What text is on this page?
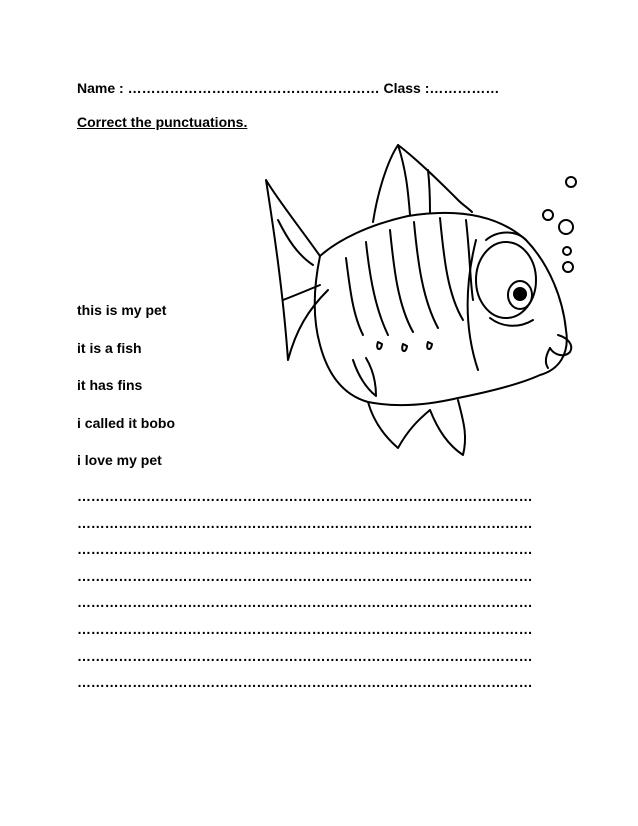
Name : ……………………………………………… Class :……………
Correct the punctuations.
this is my pet
it is a fish
it has fins
i called it bobo
i love my pet
………………………………………………………………………………………
………………………………………………………………………………………
………………………………………………………………………………………
………………………………………………………………………………………
………………………………………………………………………………………
………………………………………………………………………………………
………………………………………………………………………………………
………………………………………………………………………………………
